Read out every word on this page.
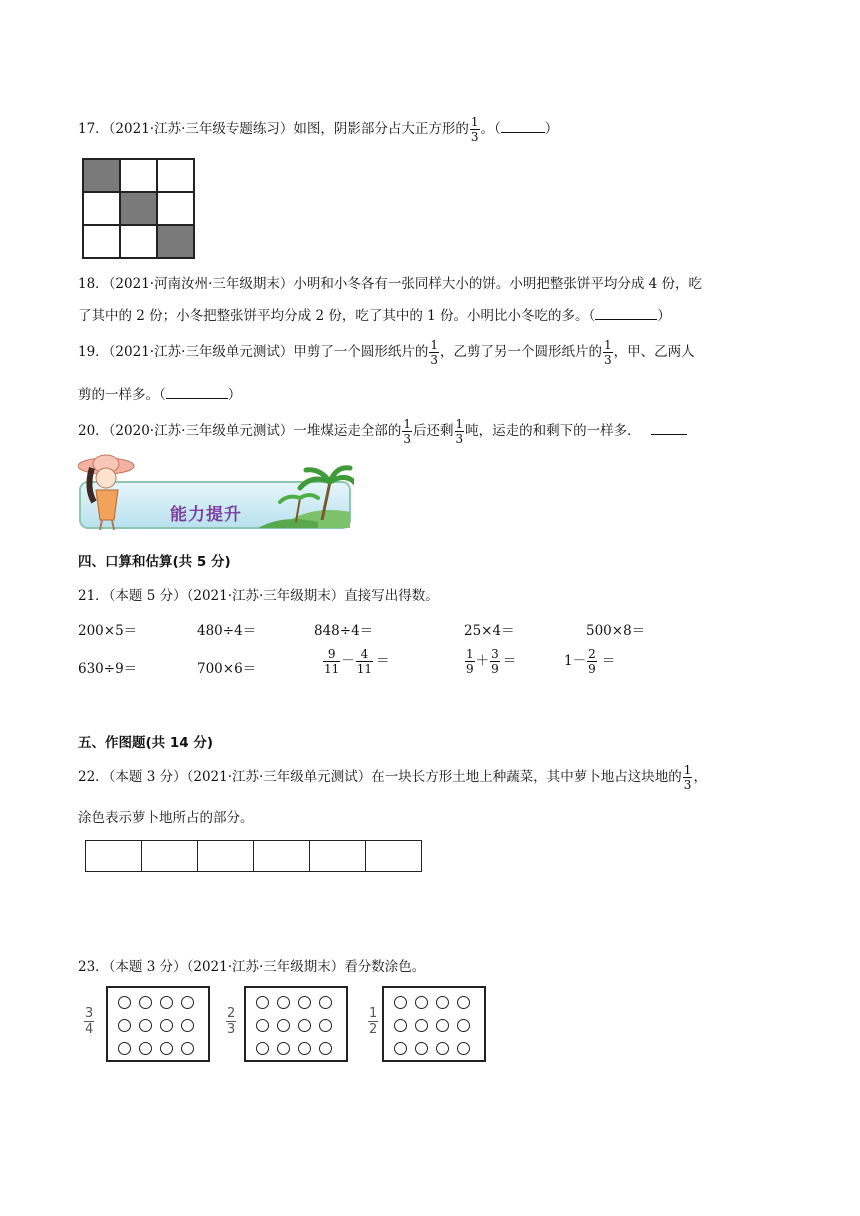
17．（2021·江苏·三年级专题练习）如图，阴影部分占大正方形的 $\frac{1}{3}$ 。（	）

18．（2021·河南汝州·三年级期末）小明和小冬各有一张同样大小的饼。小明把整张饼平均分成 4 份，吃
了其中的 2 份；小冬把整张饼平均分成 2 份，吃了其中的 1 份。小明比小冬吃的多。（	）
19．（2021·江苏·三年级单元测试）甲剪了一个圆形纸片的 $\frac{1}{3}$ ，乙剪了另一个圆形纸片的 $\frac{1}{3}$ ，甲、乙两人
剪的一样多。（	）
20．（2020·江苏·三年级单元测试）一堆煤运走全部的 $\frac{1}{3}$ 后还剩 $\frac{1}{3}$ 吨，运走的和剩下的一样多．
能力提升
四、口算和估算(共 5 分)
21．（本题 5 分）（2021·江苏·三年级期末）直接写出得数。
200×5＝	480÷4＝	848÷4＝	25×4＝	500×8＝
630÷9＝	700×6＝	$\frac{9}{11} - \frac{4}{11}$ ＝	$\frac{1}{9} + \frac{3}{9}$ ＝	$1- \frac{2}{9}$ ＝
五、作图题(共 14 分)
22．（本题 3 分）（2021·江苏·三年级单元测试）在一块长方形土地上种蔬菜，其中萝卜地占这块地的 $\frac{1}{3}$ ，
涂色表示萝卜地所占的部分。

23．（本题 3 分）（2021·江苏·三年级期末）看分数涂色。
$\frac{3}{4}$	$\frac{2}{3}$	$\frac{1}{2}$
